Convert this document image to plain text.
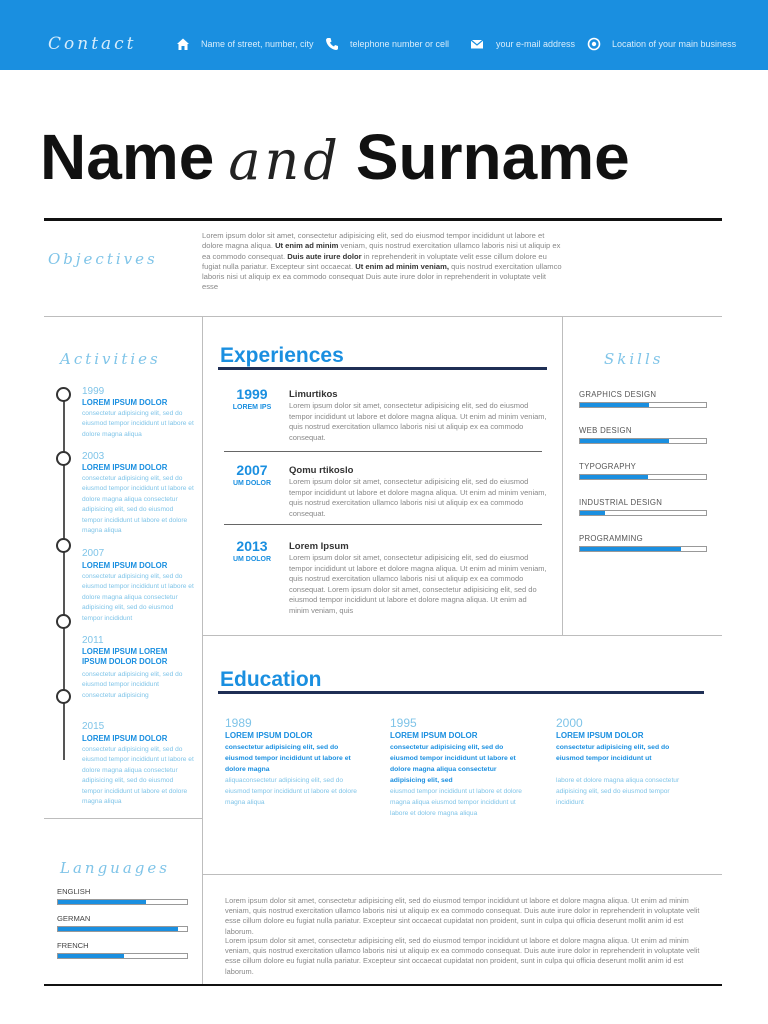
Contact	Name of street, number, city	telephone number or cell	your e-mail address	Location of your main business
Name and Surname
Objectives
Lorem ipsum dolor sit amet, consectetur adipisicing elit, sed do eiusmod tempor incididunt ut labore et dolore magna aliqua. Ut enim ad minim veniam, quis nostrud exercitation ullamco laboris nisi ut aliquip ex ea commodo consequat. Duis aute irure dolor in reprehenderit in voluptate velit esse cillum dolore eu fugiat nulla pariatur. Excepteur sint occaecat. Ut enim ad minim veniam, quis nostrud exercitation ullamco laboris nisi ut aliquip ex ea commodo consequat Duis aute irure dolor in reprehenderit in voluptate velit esse
Activities
1999
LOREM IPSUM DOLOR
consectetur adipisicing elit, sed do eiusmod tempor incididunt ut labore et dolore magna aliqua
2003
LOREM IPSUM DOLOR
consectetur adipisicing elit, sed do eiusmod tempor incididunt ut labore et dolore magna aliqua consectetur adipisicing elit, sed do eiusmod tempor incididunt ut labore et dolore magna aliqua
2007
LOREM IPSUM DOLOR
consectetur adipisicing elit, sed do eiusmod tempor incididunt ut labore et dolore magna aliqua consectetur adipisicing elit, sed do eiusmod tempor incididunt
2011
LOREM IPSUM LOREM IPSUM DOLOR DOLOR
consectetur adipisicing elit, sed do eiusmod tempor incididunt consectetur adipisicing
2015
LOREM IPSUM DOLOR
consectetur adipisicing elit, sed do eiusmod tempor incididunt ut labore et dolore magna aliqua consectetur adipisicing elit, sed do eiusmod tempor incididunt ut labore et dolore magna aliqua
Experiences
1999
LOREM IPS
Limurtikos
Lorem ipsum dolor sit amet, consectetur adipisicing elit, sed do eiusmod tempor incididunt ut labore et dolore magna aliqua. Ut enim ad minim veniam, quis nostrud exercitation ullamco laboris nisi ut aliquip ex ea commodo consequat.
2007
UM DOLOR
Qomu rtikoslo
Lorem ipsum dolor sit amet, consectetur adipisicing elit, sed do eiusmod tempor incididunt ut labore et dolore magna aliqua. Ut enim ad minim veniam, quis nostrud exercitation ullamco laboris nisi ut aliquip ex ea commodo consequat.
2013
UM DOLOR
Lorem Ipsum
Lorem ipsum dolor sit amet, consectetur adipisicing elit, sed do eiusmod tempor incididunt ut labore et dolore magna aliqua. Ut enim ad minim veniam, quis nostrud exercitation ullamco laboris nisi ut aliquip ex ea commodo consequat. Lorem ipsum dolor sit amet, consectetur adipisicing elit, sed do eiusmod tempor incididunt ut labore et dolore magna aliqua. Ut enim ad minim veniam, quis
Skills
GRAPHICS DESIGN
WEB DESIGN
TYPOGRAPHY
INDUSTRIAL DESIGN
PROGRAMMING
Education
1989
LOREM IPSUM DOLOR
consectetur adipisicing elit, sed do eiusmod tempor incididunt ut labore et dolore magna
aliquaconsectetur adipisicing elit, sed do eiusmod tempor incididunt ut labore et dolore magna aliqua
1995
LOREM IPSUM DOLOR
consectetur adipisicing elit, sed do eiusmod tempor incididunt ut labore et dolore magna aliqua consectetur adipisicing elit, sed
eiusmod tempor incididunt ut labore et dolore magna aliqua eiusmod tempor incididunt ut labore et dolore magna aliqua
2000
LOREM IPSUM DOLOR
consectetur adipisicing elit, sed do eiusmod tempor incididunt ut
labore et dolore magna aliqua consectetur adipisicing elit, sed do eiusmod tempor incididunt
Languages
ENGLISH
GERMAN
FRENCH
Lorem ipsum dolor sit amet, consectetur adipisicing elit, sed do eiusmod tempor incididunt ut labore et dolore magna aliqua. Ut enim ad minim veniam, quis nostrud exercitation ullamco laboris nisi ut aliquip ex ea commodo consequat. Duis aute irure dolor in reprehenderit in voluptate velit esse cillum dolore eu fugiat nulla pariatur. Excepteur sint occaecat cupidatat non proident, sunt in culpa qui officia deserunt mollit anim id est laborum.
Lorem ipsum dolor sit amet, consectetur adipisicing elit, sed do eiusmod tempor incididunt ut labore et dolore magna aliqua. Ut enim ad minim veniam, quis nostrud exercitation ullamco laboris nisi ut aliquip ex ea commodo consequat. Duis aute irure dolor in reprehenderit in voluptate velit esse cillum dolore eu fugiat nulla pariatur. Excepteur sint occaecat cupidatat non proident, sunt in culpa qui officia deserunt mollit anim id est laborum.
